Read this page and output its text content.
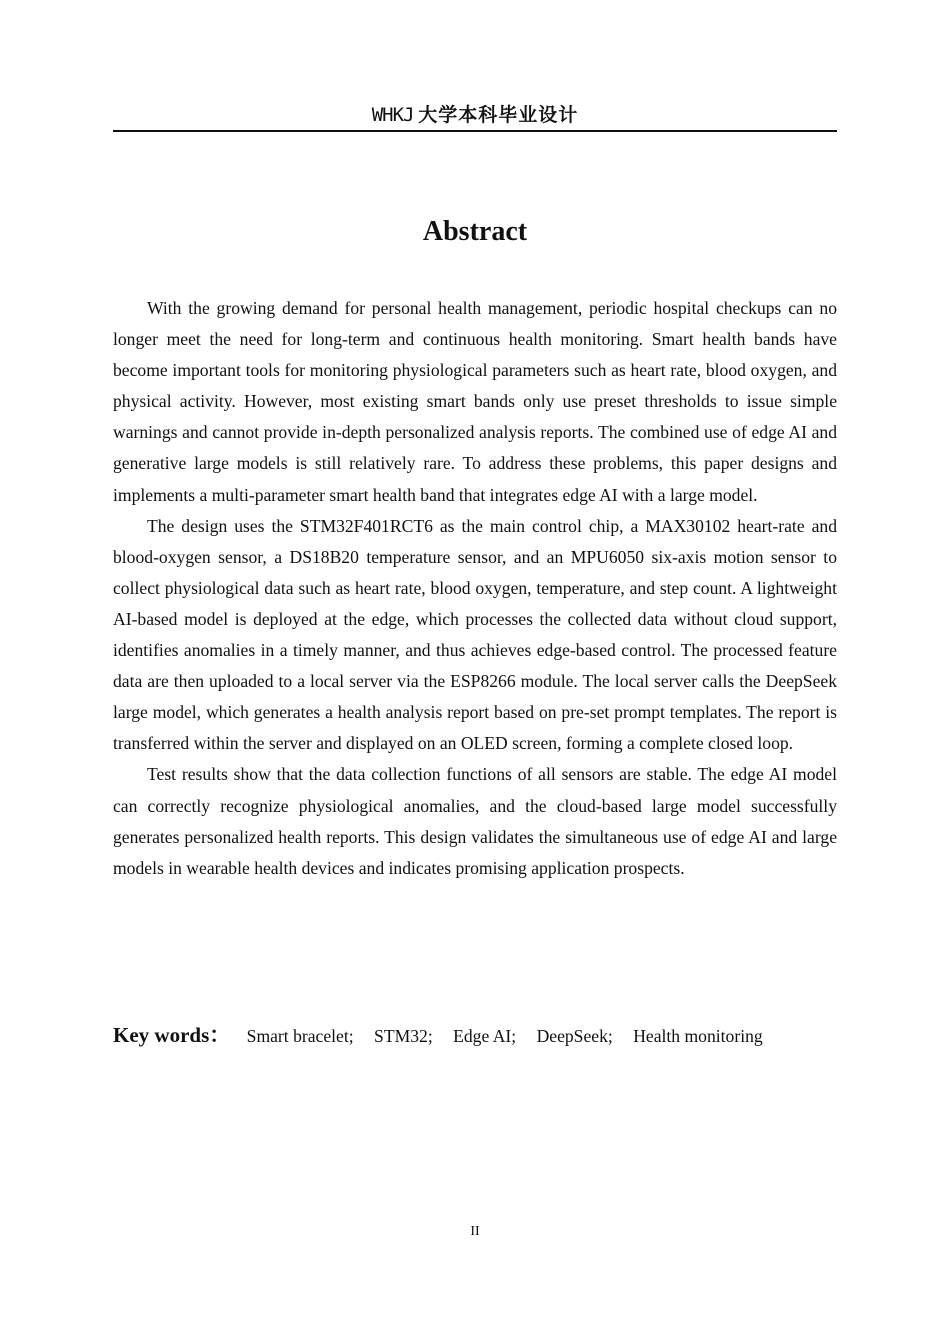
WHKJ 大学本科毕业设计
Abstract

With the growing demand for personal health management, periodic hospital checkups can no longer meet the need for long-term and continuous health monitoring. Smart health bands have become important tools for monitoring physiological parameters such as heart rate, blood oxygen, and physical activity. However, most existing smart bands only use preset thresholds to issue simple warnings and cannot provide in-depth personalized analysis reports. The combined use of edge AI and generative large models is still relatively rare. To address these problems, this paper designs and implements a multi-parameter smart health band that integrates edge AI with a large model.

The design uses the STM32F401RCT6 as the main control chip, a MAX30102 heart-rate and blood-oxygen sensor, a DS18B20 temperature sensor, and an MPU6050 six-axis motion sensor to collect physiological data such as heart rate, blood oxygen, temperature, and step count. A lightweight AI-based model is deployed at the edge, which processes the collected data without cloud support, identifies anomalies in a timely manner, and thus achieves edge-based control. The processed feature data are then uploaded to a local server via the ESP8266 module. The local server calls the DeepSeek large model, which generates a health analysis report based on pre-set prompt templates. The report is transferred within the server and displayed on an OLED screen, forming a complete closed loop.

Test results show that the data collection functions of all sensors are stable. The edge AI model can correctly recognize physiological anomalies, and the cloud-based large model successfully generates personalized health reports. This design validates the simultaneous use of edge AI and large models in wearable health devices and indicates promising application prospects.

Key words： Smart bracelet; STM32; Edge AI; DeepSeek; Health monitoring
II
